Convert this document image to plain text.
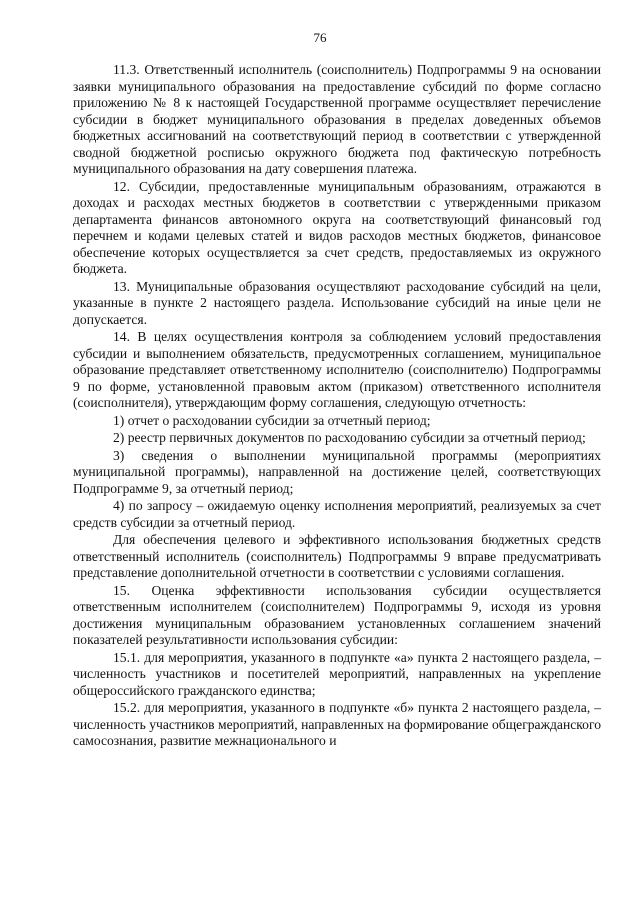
76

11.3. Ответственный исполнитель (соисполнитель) Подпрограммы 9 на основании заявки муниципального образования на предоставление субсидий по форме согласно приложению № 8 к настоящей Государственной программе осуществляет перечисление субсидии в бюджет муниципального образования в пределах доведенных объемов бюджетных ассигнований на соответствующий период в соответствии с утвержденной сводной бюджетной росписью окружного бюджета под фактическую потребность муниципального образования на дату совершения платежа.

12. Субсидии, предоставленные муниципальным образованиям, отражаются в доходах и расходах местных бюджетов в соответствии с утвержденными приказом департамента финансов автономного округа на соответствующий финансовый год перечнем и кодами целевых статей и видов расходов местных бюджетов, финансовое обеспечение которых осуществляется за счет средств, предоставляемых из окружного бюджета.

13. Муниципальные образования осуществляют расходование субсидий на цели, указанные в пункте 2 настоящего раздела. Использование субсидий на иные цели не допускается.

14. В целях осуществления контроля за соблюдением условий предоставления субсидии и выполнением обязательств, предусмотренных соглашением, муниципальное образование представляет ответственному исполнителю (соисполнителю) Подпрограммы 9 по форме, установленной правовым актом (приказом) ответственного исполнителя (соисполнителя), утверждающим форму соглашения, следующую отчетность:

1) отчет о расходовании субсидии за отчетный период;

2) реестр первичных документов по расходованию субсидии за отчетный период;

3) сведения о выполнении муниципальной программы (мероприятиях муниципальной программы), направленной на достижение целей, соответствующих Подпрограмме 9, за отчетный период;

4) по запросу – ожидаемую оценку исполнения мероприятий, реализуемых за счет средств субсидии за отчетный период.

Для обеспечения целевого и эффективного использования бюджетных средств ответственный исполнитель (соисполнитель) Подпрограммы 9 вправе предусматривать представление дополнительной отчетности в соответствии с условиями соглашения.

15. Оценка эффективности использования субсидии осуществляется ответственным исполнителем (соисполнителем) Подпрограммы 9, исходя из уровня достижения муниципальным образованием установленных соглашением значений показателей результативности использования субсидии:

15.1. для мероприятия, указанного в подпункте «а» пункта 2 настоящего раздела, – численность участников и посетителей мероприятий, направленных на укрепление общероссийского гражданского единства;

15.2. для мероприятия, указанного в подпункте «б» пункта 2 настоящего раздела, – численность участников мероприятий, направленных на формирование общегражданского самосознания, развитие межнационального и
